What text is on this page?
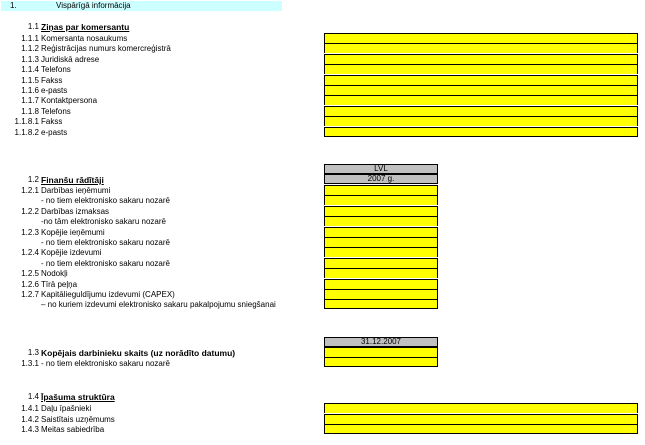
1.	Vispārīgā informācija
1.1 Ziņas par komersantu
1.1.1 Komersanta nosaukums
1.1.2 Reģistrācijas numurs komercreģistrā
1.1.3 Juridiskā adrese
1.1.4 Telefons
1.1.5 Fakss
1.1.6 e-pasts
1.1.7 Kontaktpersona
1.1.8 Telefons
1.1.8.1 Fakss
1.1.8.2 e-pasts
LVL
2007 g.
1.2 Finanšu rādītāji
1.2.1 Darbības ieņēmumi
- no tiem elektronisko sakaru nozarē
1.2.2 Darbības izmaksas
-no tām elektronisko sakaru nozarē
1.2.3 Kopējie ieņēmumi
- no tiem elektronisko sakaru nozarē
1.2.4 Kopējie izdevumi
- no tiem elektronisko sakaru nozarē
1.2.5 Nodokļi
1.2.6 Tīrā peļņa
1.2.7 Kapitālieguldījumu izdevumi (CAPEX)
– no kuriem izdevumi elektronisko sakaru pakalpojumu sniegšanai
31.12.2007
1.3 Kopējais darbinieku skaits (uz norādīto datumu)
1.3.1 - no tiem elektronisko sakaru nozarē
1.4 Īpašuma struktūra
1.4.1 Daļu īpašnieki
1.4.2 Saistītais uzņēmums
1.4.3 Meitas sabiedrība
